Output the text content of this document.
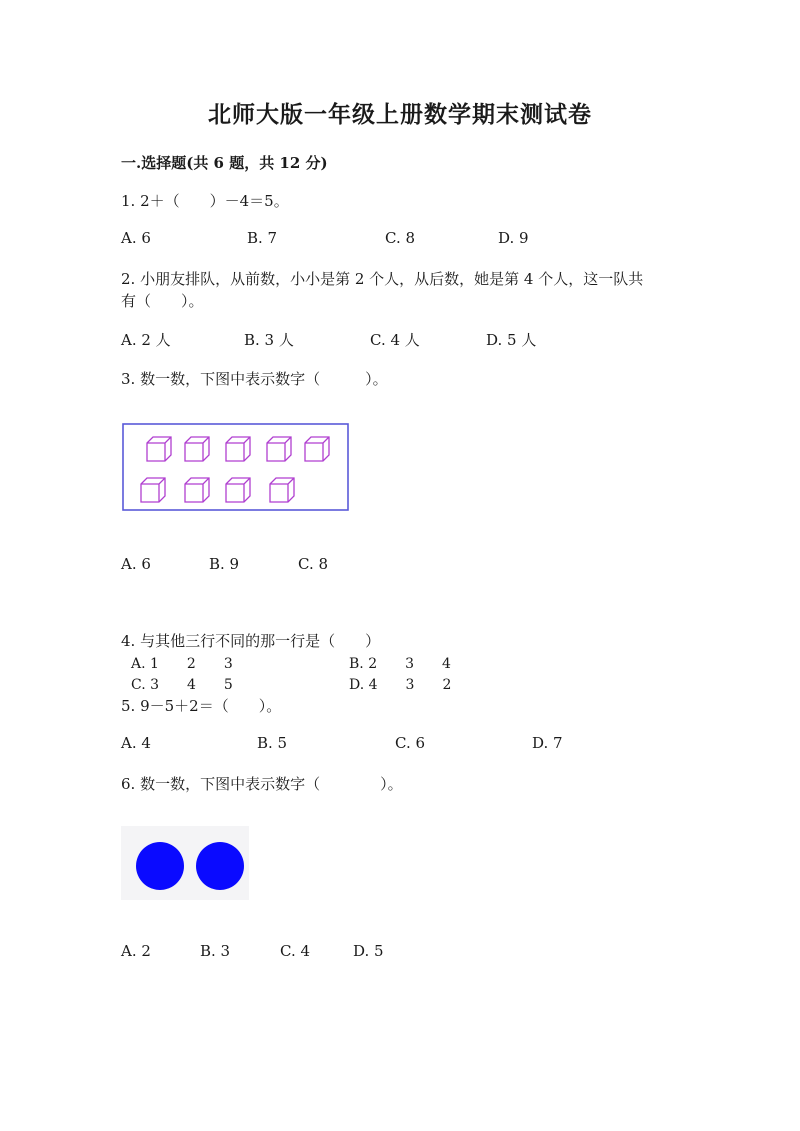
北师大版一年级上册数学期末测试卷
一.选择题(共 6 题，共 12 分)
1. 2＋（　　）－4＝5。
A. 6	B. 7	C. 8	D. 9
2. 小朋友排队，从前数，小小是第 2 个人，从后数，她是第 4 个人，这一队共
有（　　）。
A. 2 人	B. 3 人	C. 4 人	D. 5 人
3. 数一数，下图中表示数字（　　　）。
A. 6	B. 9	C. 8
4. 与其他三行不同的那一行是（　　）
A. 1　　2　　3	B. 2　　3　　4
C. 3　　4　　5	D. 4　　3　　2
5. 9－5＋2＝（　　）。
A. 4	B. 5	C. 6	D. 7
6. 数一数，下图中表示数字（　　　　）。
A. 2	B. 3	C. 4	D. 5
